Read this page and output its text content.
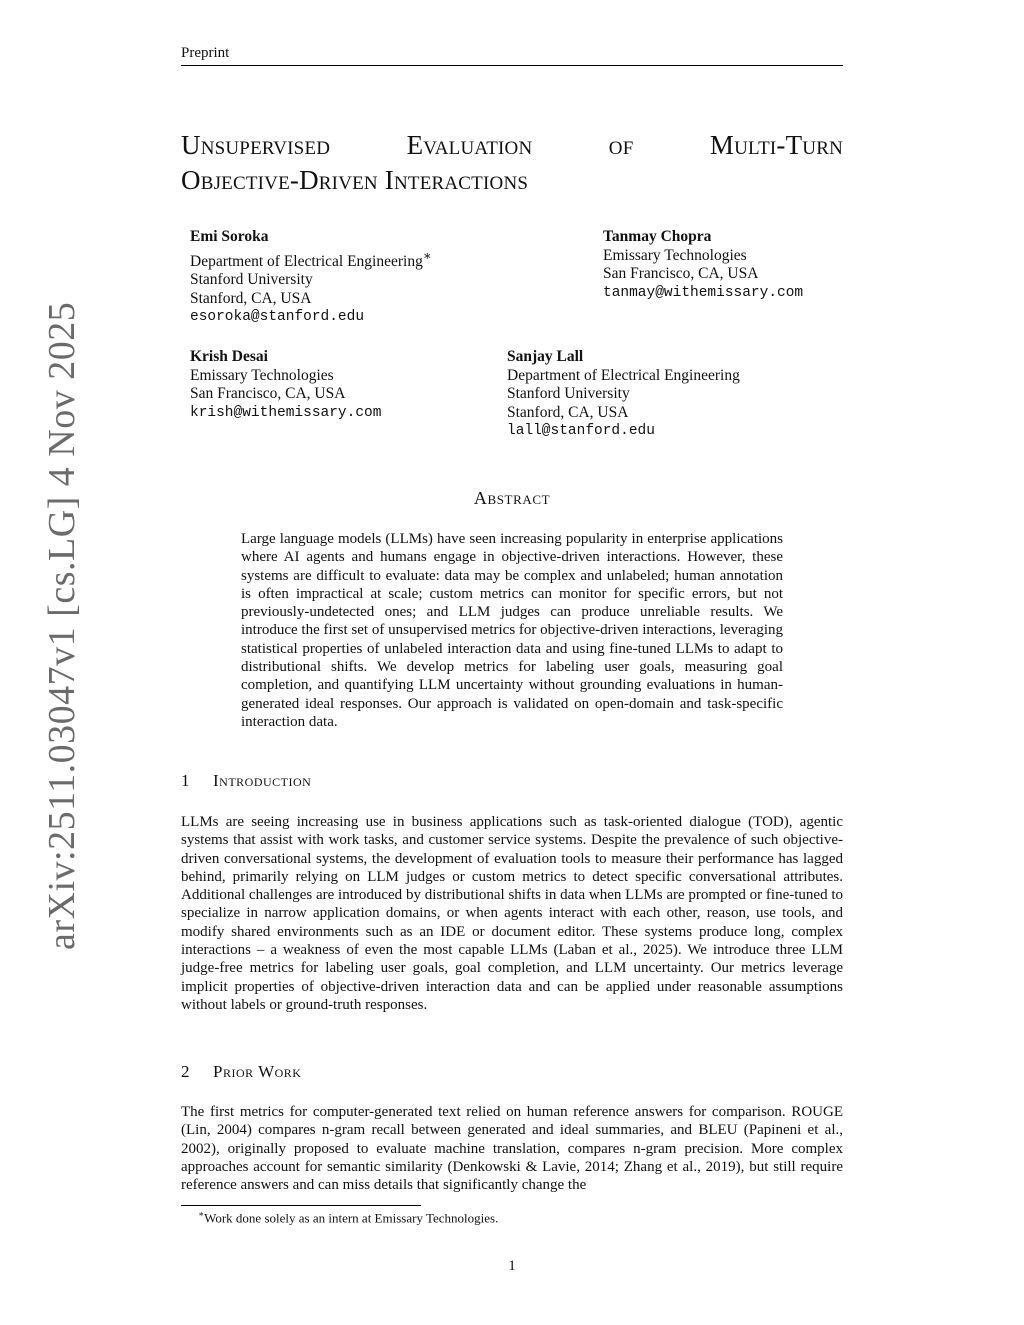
Preprint
arXiv:2511.03047v1 [cs.LG] 4 Nov 2025
Unsupervised	Evaluation	of	Multi-Turn
Objective-Driven Interactions
Emi Soroka
Department of Electrical Engineering∗
Stanford University
Stanford, CA, USA
esoroka@stanford.edu
Tanmay Chopra
Emissary Technologies
San Francisco, CA, USA
tanmay@withemissary.com
Krish Desai
Emissary Technologies
San Francisco, CA, USA
krish@withemissary.com
Sanjay Lall
Department of Electrical Engineering
Stanford University
Stanford, CA, USA
lall@stanford.edu
Abstract
Large language models (LLMs) have seen increasing popularity in enterprise applications where AI agents and humans engage in objective-driven interactions. However, these systems are difficult to evaluate: data may be complex and unlabeled; human annotation is often impractical at scale; custom metrics can monitor for specific errors, but not previously-undetected ones; and LLM judges can produce unreliable results. We introduce the first set of unsupervised metrics for objective-driven interactions, leveraging statistical properties of unlabeled interaction data and using fine-tuned LLMs to adapt to distributional shifts. We develop metrics for labeling user goals, measuring goal completion, and quantifying LLM uncertainty without grounding evaluations in human-generated ideal responses. Our approach is validated on open-domain and task-specific interaction data.
1 Introduction
LLMs are seeing increasing use in business applications such as task-oriented dialogue (TOD), agentic systems that assist with work tasks, and customer service systems. Despite the prevalence of such objective-driven conversational systems, the development of evaluation tools to measure their performance has lagged behind, primarily relying on LLM judges or custom metrics to detect specific conversational attributes. Additional challenges are introduced by distributional shifts in data when LLMs are prompted or fine-tuned to specialize in narrow application domains, or when agents interact with each other, reason, use tools, and modify shared environments such as an IDE or document editor. These systems produce long, complex interactions – a weakness of even the most capable LLMs (Laban et al., 2025). We introduce three LLM judge-free metrics for labeling user goals, goal completion, and LLM uncertainty. Our metrics leverage implicit properties of objective-driven interaction data and can be applied under reasonable assumptions without labels or ground-truth responses.
2 Prior Work
The first metrics for computer-generated text relied on human reference answers for comparison. ROUGE (Lin, 2004) compares n-gram recall between generated and ideal summaries, and BLEU (Papineni et al., 2002), originally proposed to evaluate machine translation, compares n-gram precision. More complex approaches account for semantic similarity (Denkowski & Lavie, 2014; Zhang et al., 2019), but still require reference answers and can miss details that significantly change the
∗Work done solely as an intern at Emissary Technologies.
1
